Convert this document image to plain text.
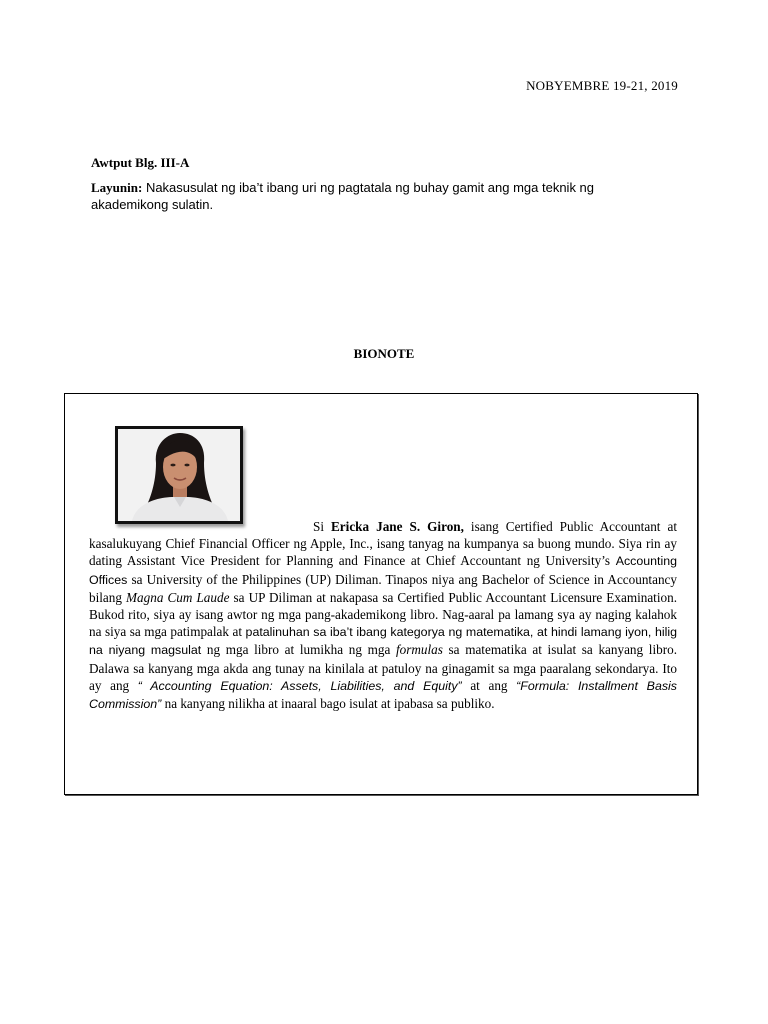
NOBYEMBRE 19-21, 2019
Awtput Blg. III-A
Layunin: Nakasusulat ng iba’t ibang uri ng pagtatala ng buhay gamit ang mga teknik ng akademikong sulatin.
BIONOTE
Si Ericka Jane S. Giron, isang Certified Public Accountant at kasalukuyang Chief Financial Officer ng Apple, Inc., isang tanyag na kumpanya sa buong mundo. Siya rin ay dating Assistant Vice President for Planning and Finance at Chief Accountant ng University’s Accounting Offices sa University of the Philippines (UP) Diliman. Tinapos niya ang Bachelor of Science in Accountancy bilang Magna Cum Laude sa UP Diliman at nakapasa sa Certified Public Accountant Licensure Examination. Bukod rito, siya ay isang awtor ng mga pang-akademikong libro. Nag-aaral pa lamang sya ay naging kalahok na siya sa mga patimpalak at patalinuhan sa iba’t ibang kategorya ng matematika, at hindi lamang iyon, hilig na niyang magsulat ng mga libro at lumikha ng mga formulas sa matematika at isulat sa kanyang libro. Dalawa sa kanyang mga akda ang tunay na kinilala at patuloy na ginagamit sa mga paaralang sekondarya. Ito ay ang “ Accounting Equation: Assets, Liabilities, and Equity” at ang “Formula: Installment Basis Commission” na kanyang nilikha at inaaral bago isulat at ipabasa sa publiko.
